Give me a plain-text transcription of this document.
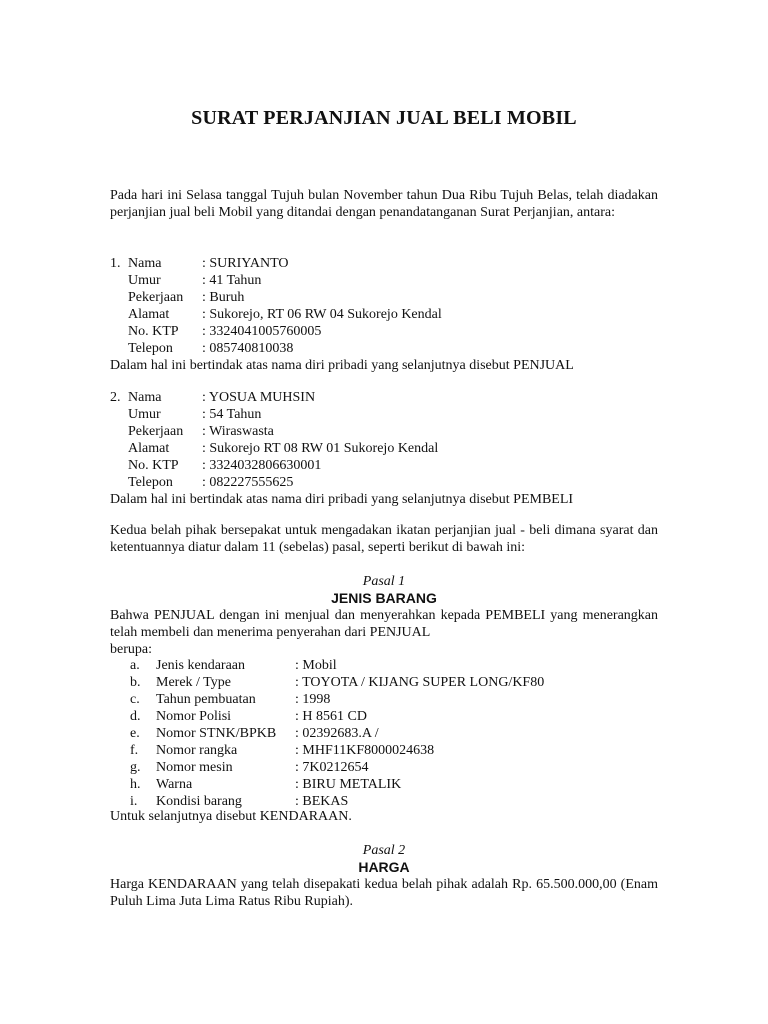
SURAT PERJANJIAN JUAL BELI MOBIL
Pada hari ini Selasa tanggal Tujuh bulan November tahun Dua Ribu Tujuh Belas, telah diadakan perjanjian jual beli Mobil yang ditandai dengan penandatanganan Surat Perjanjian, antara:
1. Nama	: SURIYANTO
Umur	: 41 Tahun
Pekerjaan : Buruh
Alamat : Sukorejo, RT 06 RW 04 Sukorejo Kendal
No. KTP : 3324041005760005
Telepon : 085740810038
Dalam hal ini bertindak atas nama diri pribadi yang selanjutnya disebut PENJUAL
2. Nama	: YOSUA MUHSIN
Umur	: 54 Tahun
Pekerjaan : Wiraswasta
Alamat : Sukorejo RT 08 RW 01 Sukorejo Kendal
No. KTP : 3324032806630001
Telepon : 082227555625
Dalam hal ini bertindak atas nama diri pribadi yang selanjutnya disebut PEMBELI
Kedua belah pihak bersepakat untuk mengadakan ikatan perjanjian jual - beli dimana syarat dan ketentuannya diatur dalam 11 (sebelas) pasal, seperti berikut di bawah ini:
Pasal 1
JENIS BARANG
Bahwa PENJUAL dengan ini menjual dan menyerahkan kepada PEMBELI yang menerangkan telah membeli dan menerima penyerahan dari PENJUAL
berupa:
a. Jenis kendaraan	: Mobil
b. Merek / Type	: TOYOTA / KIJANG SUPER LONG/KF80
c. Tahun pembuatan	: 1998
d. Nomor Polisi	: H 8561 CD
e. Nomor STNK/BPKB : 02392683.A /
f. Nomor rangka	: MHF11KF8000024638
g. Nomor mesin	: 7K0212654
h. Warna	: BIRU METALIK
i. Kondisi barang	: BEKAS
Untuk selanjutnya disebut KENDARAAN.
Pasal 2
HARGA
Harga KENDARAAN yang telah disepakati kedua belah pihak adalah Rp. 65.500.000,00 (Enam Puluh Lima Juta Lima Ratus Ribu Rupiah).
